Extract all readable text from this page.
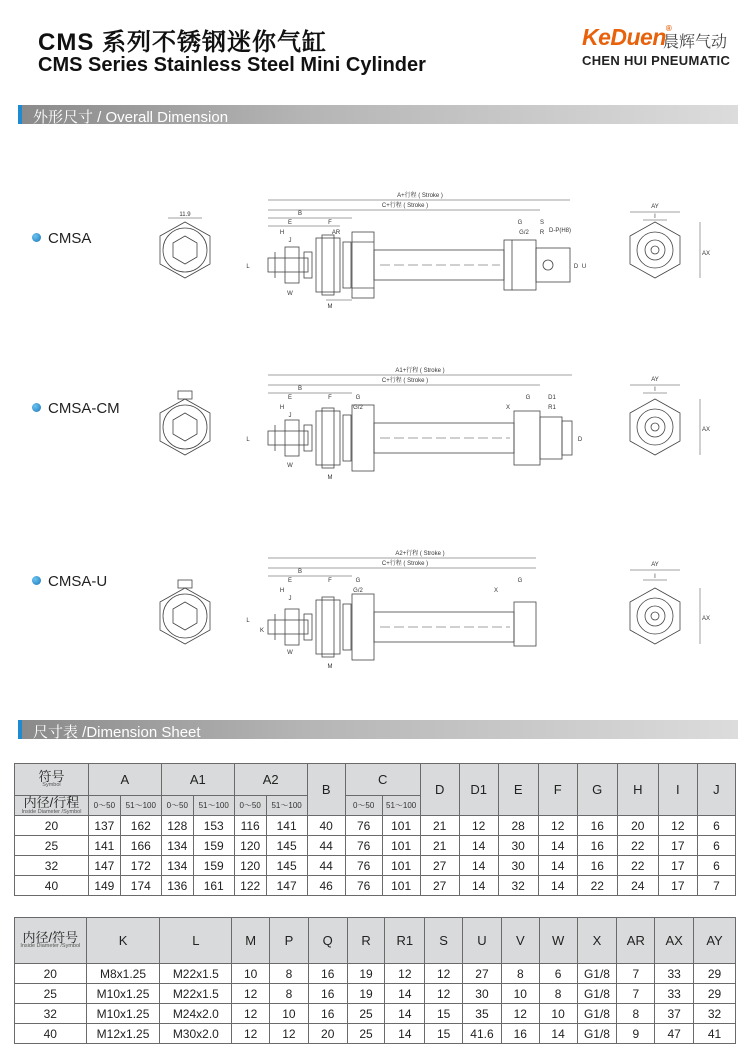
CMS 系列不锈钢迷你气缸
CMS Series Stainless Steel Mini Cylinder
KeDuen®
晨辉气动
CHEN HUI PNEUMATIC
外形尺寸 / Overall Dimension
CMSA
CMSA-CM
CMSA-U
A+行程 ( Stroke )
C+行程 ( Stroke )
11.9	B
E	F	G	S
H
J
AR	G/2 R D-P(H8)
L
W
M
I
AY
AX
D U
A1+行程 ( Stroke )
C+行程 ( Stroke )
B
E	F	G	G	D1
H
J
G/2	X	R1
L
W
M
I
AY
AX
D
A2+行程 ( Stroke )
C+行程 ( Stroke )
B
E	F	G	G
H
J
G/2	X
L
K
W
M
I
AY
AX
尺寸表 /Dimension Sheet
符号
Symbol	A		A1		A2		B	C		D	D1	E	F	G	H	I	J

内径/行程
Inside Diameter /Symbol	0～50	51～100	0～50	51～100	0～50	51～100		0～50	51～100								
20	137	162	128	153	116	141	40	76	101	21	12	28	12	16	20	12	6
25	141	166	134	159	120	145	44	76	101	21	14	30	14	16	22	17	6
32	147	172	134	159	120	145	44	76	101	27	14	30	14	16	22	17	6
40	149	174	136	161	122	147	46	76	101	27	14	32	14	22	24	17	7
内径/符号
Inside Diameter /Symbol	K	L	M	P	Q	R	R1	S	U	V	W	X	AR	AX	AY
20	M8x1.25	M22x1.5	10	8	16	19	12	12	27	8	6	G1/8	7	33	29
25	M10x1.25	M22x1.5	12	8	16	19	14	12	30	10	8	G1/8	7	33	29
32	M10x1.25	M24x2.0	12	10	16	25	14	15	35	12	10	G1/8	8	37	32
40	M12x1.25	M30x2.0	12	12	20	25	14	15	41.6	16	14	G1/8	9	47	41
